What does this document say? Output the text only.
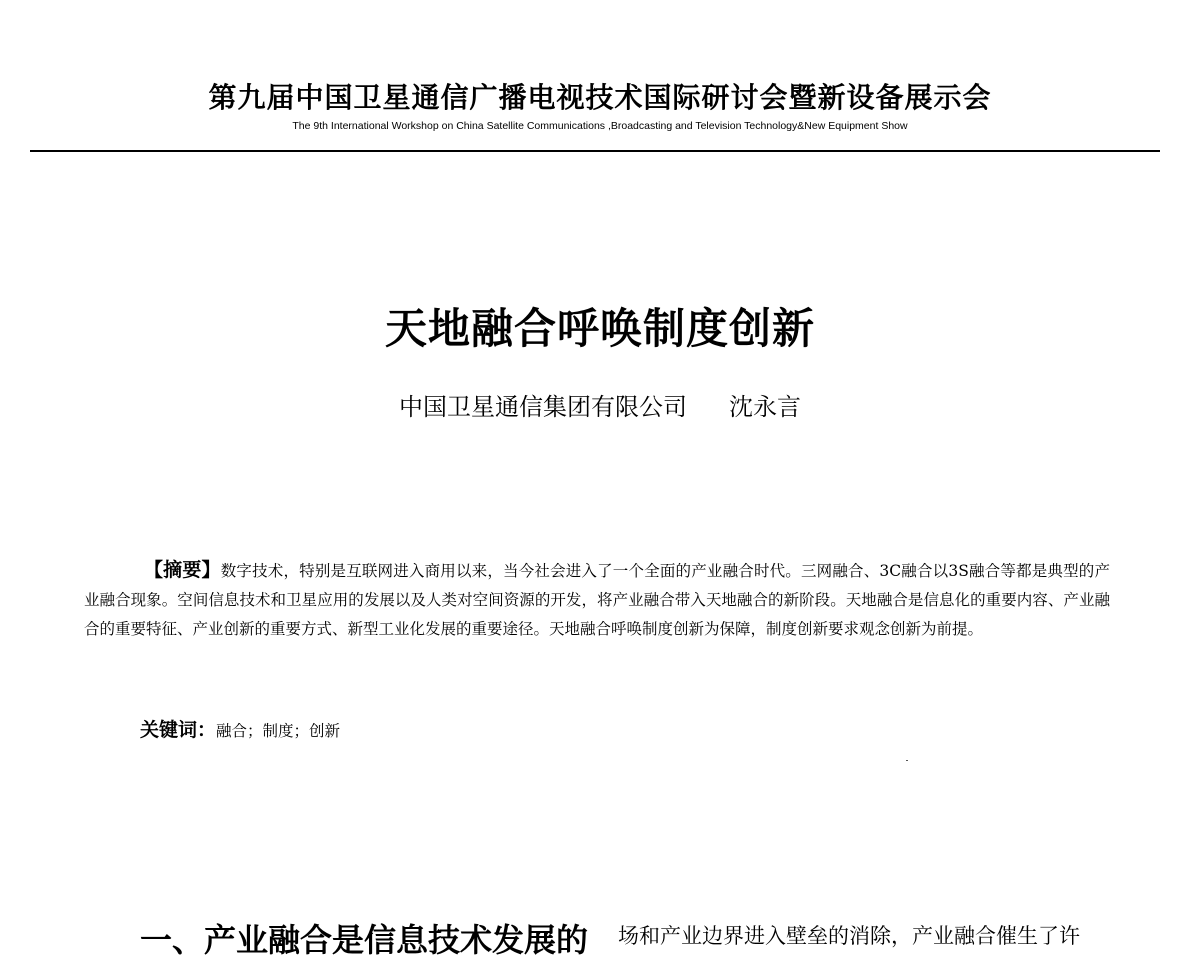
第九届中国卫星通信广播电视技术国际研讨会暨新设备展示会
The 9th International Workshop on China Satellite Communications ,Broadcasting and Television Technology&New Equipment Show
天地融合呼唤制度创新
中国卫星通信集团有限公司 沈永言
【摘要】数字技术，特别是互联网进入商用以来，当今社会进入了一个全面的产业融合时代。三网融合、3C融合以3S融合等都是典型的产业融合现象。空间信息技术和卫星应用的发展以及人类对空间资源的开发，将产业融合带入天地融合的新阶段。天地融合是信息化的重要内容、产业融合的重要特征、产业创新的重要方式、新型工业化发展的重要途径。天地融合呼唤制度创新为保障，制度创新要求观念创新为前提。
关键词：融合；制度；创新
一、产业融合是信息技术发展的 场和产业边界进入壁垒的消除，产业融合催生了许
